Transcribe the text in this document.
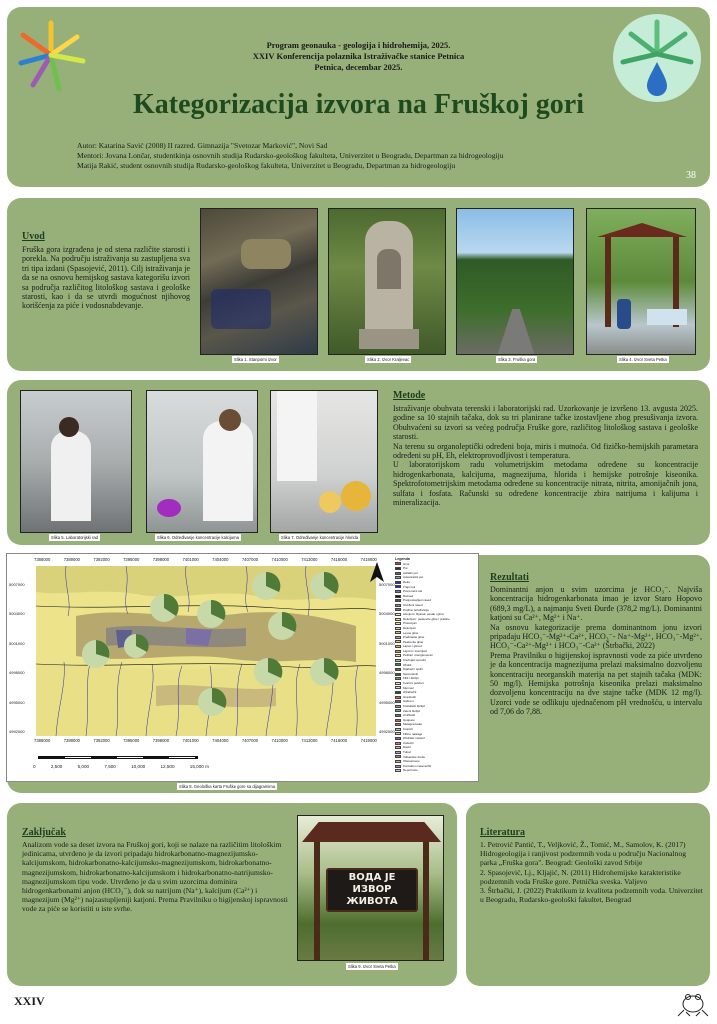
Program geonauka - geologija i hidrohemija, 2025.
XXIV Konferencija polaznika Istraživačke stanice Petnica
Petnica, decembar 2025.
Kategorizacija izvora na Fruškoj gori
Autor: Katarina Savić (2008) II razred. Gimnazija "Svetozar Marković", Novi Sad
Mentori: Jovana Lončar, studentkinja osnovnih studija Rudarsko-geološkog fakulteta, Univerzitet u Beogradu, Departman za hidrogeologiju
Matija Rakić, student osnovnih studija Rudarsko-geološkog fakulteta, Univerzitet u Beogradu, Departman za hidrogeologiju
38
Uvod
Fruška gora izgrađena je od stena različite starosti i porekla. Na području istraživanja su zastupljena sva tri tipa izdani (Spasojević, 2011). Cilj istraživanja je da se na osnovu hemijskog sastava kategorišu izvori sa područja različitog litološkog sastava i geološke starosti, kao i da se utvrdi mogućnost njihovog korišćenja za piće i vodosnabdevanje.
Slika 1. Stanporni izvor	Slika 2. Izvor Kraljevac	Slika 3. Fruška gora	Slika 4. Izvor Sveta Petka
Slika 5. Laboratorijski rad	Slika 6. Određivanje koncentracije kalcijuma	Slika 7. Određivanje koncentracije hlorida
Metode

Istraživanje obuhvata terenski i laboratorijski rad. Uzorkovanje je izvršeno 13. avgusta 2025. godine sa 10 stajnih tačaka, dok su tri planirane tačke izostavljene zbog presušivanja izvora. Obuhvaćeni su izvori sa većeg područja Fruške gore, različitog litološkog sastava i geološke starosti.

Na terenu su organoleptički određeni boja, miris i mutnoća. Od fizičko-hemijskih parametara određeni su pH, Eh, elektroprovodljivost i temperatura.

U laboratorijskom radu volumetrijskim metodama određene su koncentracije hidrogenkarbonata, kalcijuma, magnezijuma, hlorida i hemijske potrošnje kiseonika. Spektrofotometrijskim metodama određene su koncentracije nitrata, nitrita, amonijačnih jona, sulfata i fosfata. Računski su određene koncentracije zbira natrijuma i kalijuma i mineralizacija.

7386000	7389000	7392000	7395000	7398000	7401000	7404000	7407000	7410000	7413000	7416000	7419000
7386000	7389000	7392000	7395000	7398000	7401000	7404000	7407000	7410000	7413000	7416000	7419000
5007000
5004000
5001000
4998000
4995000
4992000
5007000
5004000
5001000
4998000
4995000
4992000
0	2,500	5,000	7,500	10,000	12,500	15,000 m
Legenda
Izvor
Put
Asfaltni put
Autostradni put
Reke
Trajni tok
Povremeni tok
Razsed
Pretpostavljeni rased
Utvrđeni rased
Profilno istraživanje
Aluvijum: šljunak, pesak i glina
Deluvijum: peskovite gline i prašine
Proluvijum
Deluvijum
Lesne gline
Prašinaste gline
Peskovite gline
Lapori i glinovi
Laporci i krečnjaci
Peščari i konglomerati
Krečnjaci sprudni
Ofioliti
Dijabazi i spiliti
Serpentiniti
Filiti i škriljci
Kvarcni peščari
Mermeri
Ultrabaziti
Granitoidi
Gabrovi
Kristalasti škriljci
Zeleni škriljci
Amfiboliti
Gnajsevi
Metagrauvake
Kvarciti
Flišne naslage
Ofiolitski melanž
Andeziti
Daciti
Tufovi
Vulkanske breče
Olistostrome
Kontaktni metamorfiti
Nepoznato
Slika 8. Geološka karta Fruške gore sa dijagramima
Rezultati

Dominantni anjon u svim uzorcima je HCO₃⁻. Najviša koncentracija hidrogenkarbonata imao je izvor Staro Hopovo (689,3 mg/L), a najmanju Sveti Đurđe (378,2 mg/L). Dominantni katjoni su Ca²⁺, Mg²⁺ i Na⁺.

Na osnovu kategorizacije prema dominantnom jonu izvori pripadaju HCO₃⁻-Mg²⁺-Ca²⁺, HCO₃⁻- Na⁺-Mg²⁺, HCO₃⁻-Mg²⁺, HCO₃⁻-Ca²⁺-Mg²⁺ i HCO₃⁻-Ca²⁺ (Štrbački, 2022)

Prema Pravilniku o higijenskoj ispravnosti vode za piće utvrđeno je da koncentracija magnezijuma prelazi maksimalno dozvoljenu koncentraciju neorganskih materija na pet stajnih tačaka (MDK: 50 mg/l). Hemijska potrošnja kiseonika prelazi maksimalno dozvoljenu koncentraciju na dve stajne tačke (MDK 12 mg/l). Uzorci vode se odlikuju ujednačenom pH vrednošću, u intervalu od 7,06 do 7,88.

Zaključak
Analizom vode sa deset izvora na Fruškoj gori, koji se nalaze na različitim litološkim jedinicama, utvrđeno je da izvori pripadaju hidrokarbonatno-magnezijumsko-kalcijumskom, hidrokarbonatno-kalcijumsko-magnezijumskom, hidrokarbonatno-magnezijumskom, hidrokarbonatno-kalcijumskom i hidrokarbonatno-natrijumsko-magnezijumskom tipu vode. Utvrđeno je da u svim uzorcima dominira hidrogenkarbonatni anjon (HCO₃⁻), dok su natrijum (Na⁺), kalcijum (Ca²⁺) i magnezijum (Mg²⁺) najzastupljeniji katjoni. Prema Pravilniku o higijenskoj ispravnosti vode za piće se koristiti u iste svrhe.
ВОДА ЈЕ ИЗВОР ЖИВОТА
Slika 9. Izvor Sveta Petka
Literatura
1. Petrović Pantić, T., Veljković, Ž., Tomić, M., Samolov, K. (2017) Hidrogeologija i ranjivost podzemnih voda u području Nacionalnog parka „Fruška gora". Beograd: Geološki zavod Srbije
2. Spasojević, Lj., Kljajić, N. (2011) Hidrohemijske karakteristike podzemnih voda Fruške gore. Petnička sveska. Valjevo
3. Štrbački, J. (2022) Praktikum iz kvaliteta podzemnih voda. Univerzitet u Beogradu, Rudarsko-geološki fakultet, Beograd
XXIV
